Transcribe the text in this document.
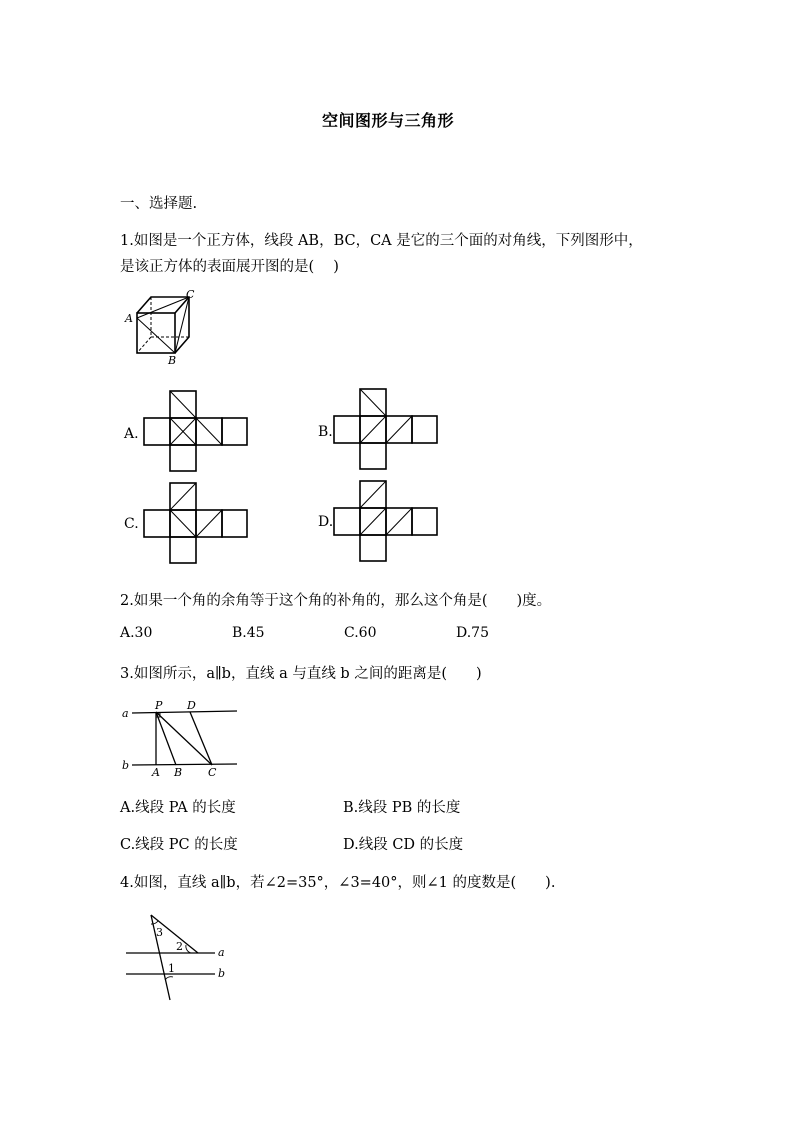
空间图形与三角形
一、选择题.
1.如图是一个正方体，线段 AB，BC，CA 是它的三个面的对角线，下列图形中，
是该正方体的表面展开图的是(　 )
A
B
C
A.	B.
C.	D.
2.如果一个角的余角等于这个角的补角的，那么这个角是(　　)度。
A.30	B.45	C.60	D.75
3.如图所示，a∥b，直线 a 与直线 b 之间的距离是(　　)
a
b
P D
A B C
A.线段 PA 的长度	B.线段 PB 的长度
C.线段 PC 的长度	D.线段 CD 的长度
4.如图，直线 a∥b，若∠2=35°，∠3=40°，则∠1 的度数是(　　).
3
2
1
a
b
